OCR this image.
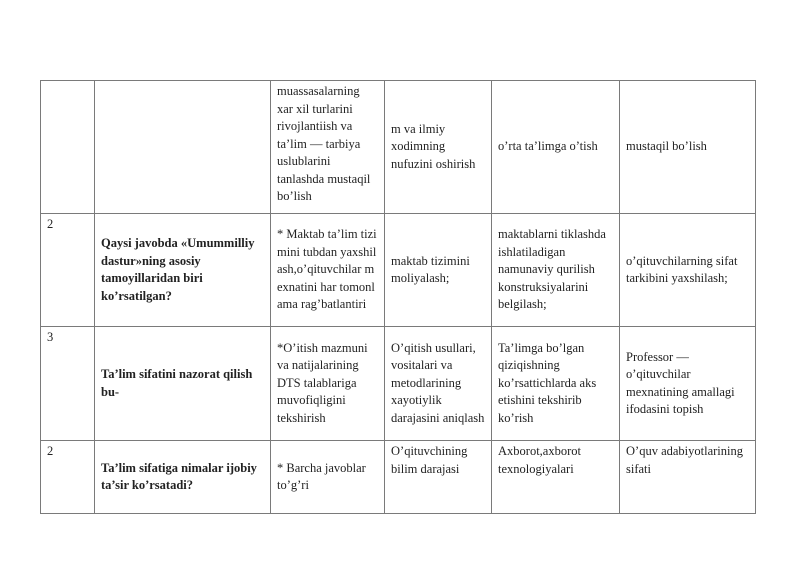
		muassasalarning xar xil turlarini rivojlantiish va ta’lim — tarbiya uslublarini tanlashda mustaqil bo’lish	m va ilmiy xodimning nufuzini oshirish	o’rta ta’limga o’tish	mustaqil bo’lish
2	Qaysi javobda «Umummilliy dastur»ning asosiy tamoyillaridan biri ko’rsatilgan?	* Maktab ta’lim tizimini tubdan yaxshilash,o’qituvchilar mexnatini har tomonlama rag’batlantiri	maktab tizimini moliyalash;	maktablarni tiklashda ishlatiladigan namunaviy qurilish konstruksiyalarini belgilash;	o’qituvchilarning sifat tarkibini yaxshilash;
3	Ta’lim sifatini nazorat qilish bu-	*O’itish mazmuni va natijalarining DTS talablariga muvofiqligini tekshirish	O’qitish usullari, vositalari va metodlarining xayotiylik darajasini aniqlash	Ta’limga bo’lgan qiziqishning ko’rsattichlarda aks etishini tekshirib ko’rish	Professor — o’qituvchilar mexnatining amallagi ifodasini topish
2	Ta’lim sifatiga nimalar ijobiy ta’sir ko’rsatadi?	* Barcha javoblar to’g’ri	O’qituvchining bilim darajasi	Axborot,axborot texnologiyalari	O’quv adabiyotlarining sifati
